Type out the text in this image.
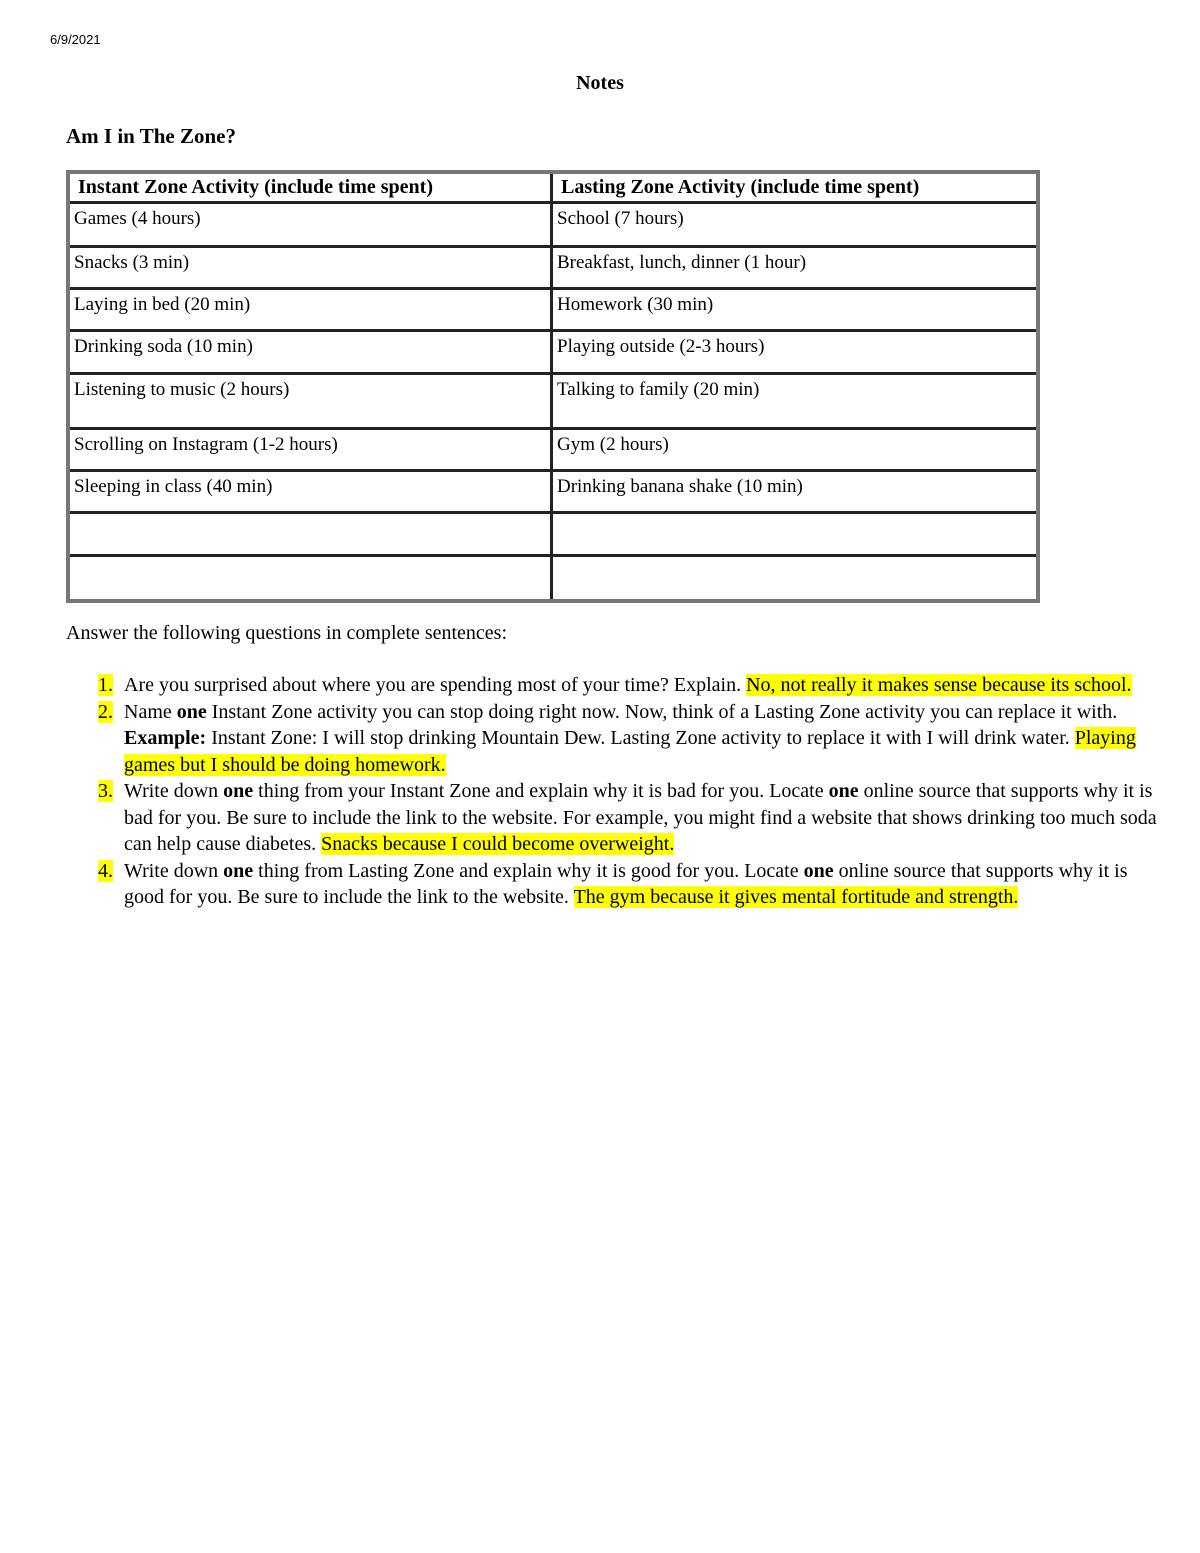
6/9/2021
Notes
Am I in The Zone?
Instant Zone Activity (include time spent)	Lasting Zone Activity (include time spent)
Games (4 hours)	School (7 hours)
Snacks (3 min)	Breakfast, lunch, dinner (1 hour)
Laying in bed (20 min)	Homework (30 min)
Drinking soda (10 min)	Playing outside (2-3 hours)
Listening to music (2 hours)	Talking to family (20 min)
Scrolling on Instagram (1-2 hours)	Gym (2 hours)
Sleeping in class (40 min)	Drinking banana shake (10 min)
Answer the following questions in complete sentences:
1. Are you surprised about where you are spending most of your time? Explain. No, not really it makes sense because its school.
2. Name one Instant Zone activity you can stop doing right now. Now, think of a Lasting Zone activity you can replace it with. Example: Instant Zone: I will stop drinking Mountain Dew. Lasting Zone activity to replace it with I will drink water. Playing games but I should be doing homework.
3. Write down one thing from your Instant Zone and explain why it is bad for you. Locate one online source that supports why it is bad for you. Be sure to include the link to the website. For example, you might find a website that shows drinking too much soda can help cause diabetes. Snacks because I could become overweight.
4. Write down one thing from Lasting Zone and explain why it is good for you. Locate one online source that supports why it is good for you. Be sure to include the link to the website. The gym because it gives mental fortitude and strength.
